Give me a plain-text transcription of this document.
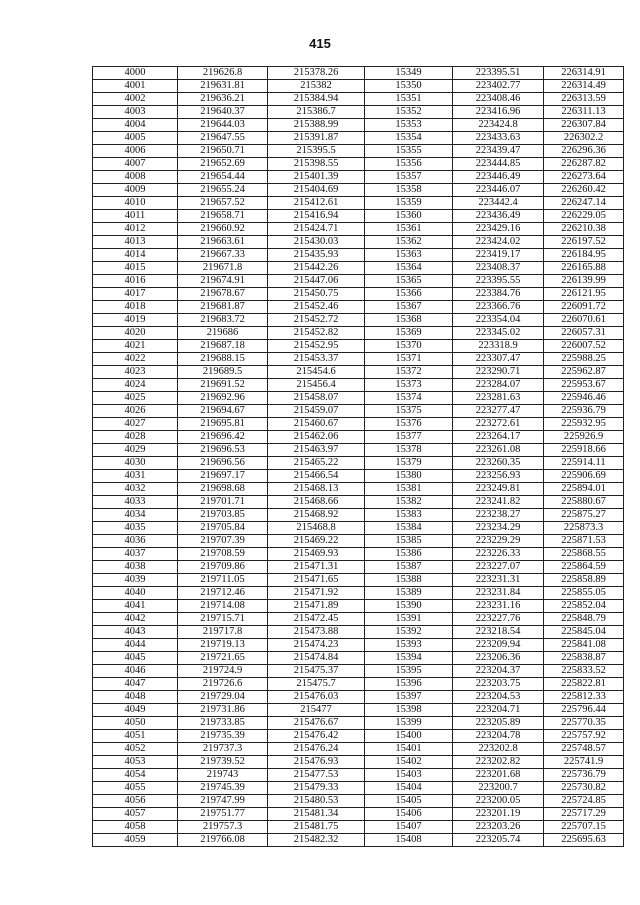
415
4000	219626.8	215378.26	15349	223395.51	226314.91
4001	219631.81	215382	15350	223402.77	226314.49
4002	219636.21	215384.94	15351	223408.46	226313.59
4003	219640.37	215386.7	15352	223416.96	226311.13
4004	219644.03	215388.99	15353	223424.8	226307.84
4005	219647.55	215391.87	15354	223433.63	226302.2
4006	219650.71	215395.5	15355	223439.47	226296.36
4007	219652.69	215398.55	15356	223444.85	226287.82
4008	219654.44	215401.39	15357	223446.49	226273.64
4009	219655.24	215404.69	15358	223446.07	226260.42
4010	219657.52	215412.61	15359	223442.4	226247.14
4011	219658.71	215416.94	15360	223436.49	226229.05
4012	219660.92	215424.71	15361	223429.16	226210.38
4013	219663.61	215430.03	15362	223424.02	226197.52
4014	219667.33	215435.93	15363	223419.17	226184.95
4015	219671.8	215442.26	15364	223408.37	226165.88
4016	219674.91	215447.06	15365	223395.55	226139.99
4017	219678.67	215450.75	15366	223384.76	226121.95
4018	219681.87	215452.46	15367	223366.76	226091.72
4019	219683.72	215452.72	15368	223354.04	226070.61
4020	219686	215452.82	15369	223345.02	226057.31
4021	219687.18	215452.95	15370	223318.9	226007.52
4022	219688.15	215453.37	15371	223307.47	225988.25
4023	219689.5	215454.6	15372	223290.71	225962.87
4024	219691.52	215456.4	15373	223284.07	225953.67
4025	219692.96	215458.07	15374	223281.63	225946.46
4026	219694.67	215459.07	15375	223277.47	225936.79
4027	219695.81	215460.67	15376	223272.61	225932.95
4028	219696.42	215462.06	15377	223264.17	225926.9
4029	219696.53	215463.97	15378	223261.08	225918.66
4030	219696.56	215465.22	15379	223260.35	225914.11
4031	219697.17	215466.54	15380	223256.93	225906.69
4032	219698.68	215468.13	15381	223249.81	225894.01
4033	219701.71	215468.66	15382	223241.82	225880.67
4034	219703.85	215468.92	15383	223238.27	225875.27
4035	219705.84	215468.8	15384	223234.29	225873.3
4036	219707.39	215469.22	15385	223229.29	225871.53
4037	219708.59	215469.93	15386	223226.33	225868.55
4038	219709.86	215471.31	15387	223227.07	225864.59
4039	219711.05	215471.65	15388	223231.31	225858.89
4040	219712.46	215471.92	15389	223231.84	225855.05
4041	219714.08	215471.89	15390	223231.16	225852.04
4042	219715.71	215472.45	15391	223227.76	225848.79
4043	219717.8	215473.88	15392	223218.54	225845.04
4044	219719.13	215474.23	15393	223209.94	225841.08
4045	219721.65	215474.84	15394	223206.36	225838.87
4046	219724.9	215475.37	15395	223204.37	225833.52
4047	219726.6	215475.7	15396	223203.75	225822.81
4048	219729.04	215476.03	15397	223204.53	225812.33
4049	219731.86	215477	15398	223204.71	225796.44
4050	219733.85	215476.67	15399	223205.89	225770.35
4051	219735.39	215476.42	15400	223204.78	225757.92
4052	219737.3	215476.24	15401	223202.8	225748.57
4053	219739.52	215476.93	15402	223202.82	225741.9
4054	219743	215477.53	15403	223201.68	225736.79
4055	219745.39	215479.33	15404	223200.7	225730.82
4056	219747.99	215480.53	15405	223200.05	225724.85
4057	219751.77	215481.34	15406	223201.19	225717.29
4058	219757.3	215481.75	15407	223203.26	225707.15
4059	219766.08	215482.32	15408	223205.74	225695.63
